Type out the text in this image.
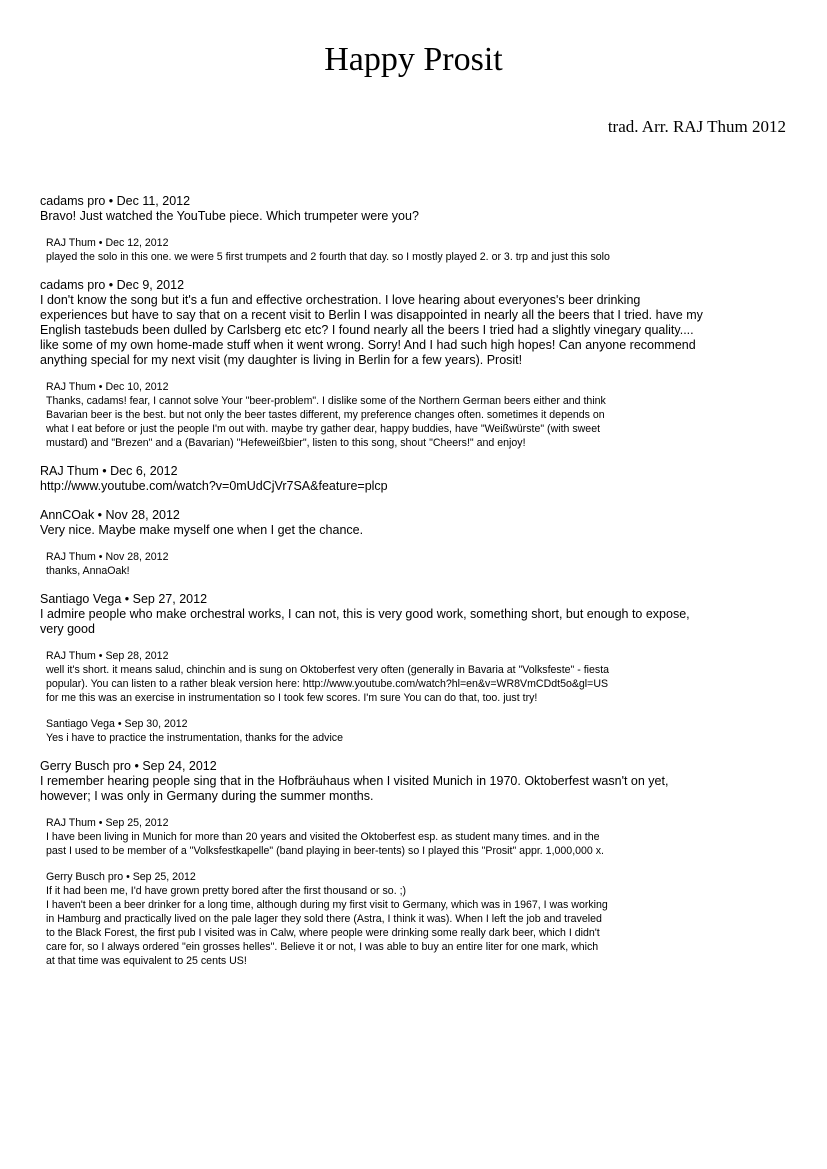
Happy Prosit
trad. Arr. RAJ Thum 2012
cadams pro • Dec 11, 2012
Bravo! Just watched the YouTube piece. Which trumpeter were you?
RAJ Thum • Dec 12, 2012
played the solo in this one. we were 5 first trumpets and 2 fourth that day. so I mostly played 2. or 3. trp and just this solo
cadams pro • Dec 9, 2012
I don't know the song but it's a fun and effective orchestration. I love hearing about everyones's beer drinking
experiences but have to say that on a recent visit to Berlin I was disappointed in nearly all the beers that I tried. have my
English tastebuds been dulled by Carlsberg etc etc? I found nearly all the beers I tried had a slightly vinegary quality....
like some of my own home-made stuff when it went wrong. Sorry! And I had such high hopes! Can anyone recommend
anything special for my next visit (my daughter is living in Berlin for a few years). Prosit!
RAJ Thum • Dec 10, 2012
Thanks, cadams! fear, I cannot solve Your "beer-problem". I dislike some of the Northern German beers either and think
Bavarian beer is the best. but not only the beer tastes different, my preference changes often. sometimes it depends on
what I eat before or just the people I'm out with. maybe try gather dear, happy buddies, have "Weißwürste" (with sweet
mustard) and "Brezen" and a (Bavarian) "Hefeweißbier", listen to this song, shout "Cheers!" and enjoy!
RAJ Thum • Dec 6, 2012
http://www.youtube.com/watch?v=0mUdCjVr7SA&feature=plcp
AnnCOak • Nov 28, 2012
Very nice. Maybe make myself one when I get the chance.
RAJ Thum • Nov 28, 2012
thanks, AnnaOak!
Santiago Vega • Sep 27, 2012
I admire people who make orchestral works, I can not, this is very good work, something short, but enough to expose,
very good
RAJ Thum • Sep 28, 2012
well it's short. it means salud, chinchin and is sung on Oktoberfest very often (generally in Bavaria at "Volksfeste" - fiesta
popular). You can listen to a rather bleak version here: http://www.youtube.com/watch?hl=en&v=WR8VmCDdt5o&gl=US
for me this was an exercise in instrumentation so I took few scores. I'm sure You can do that, too. just try!
Santiago Vega • Sep 30, 2012
Yes i have to practice the instrumentation, thanks for the advice
Gerry Busch pro • Sep 24, 2012
I remember hearing people sing that in the Hofbräuhaus when I visited Munich in 1970. Oktoberfest wasn't on yet,
however; I was only in Germany during the summer months.
RAJ Thum • Sep 25, 2012
I have been living in Munich for more than 20 years and visited the Oktoberfest esp. as student many times. and in the
past I used to be member of a "Volksfestkapelle" (band playing in beer-tents) so I played this "Prosit" appr. 1,000,000 x.
Gerry Busch pro • Sep 25, 2012
If it had been me, I'd have grown pretty bored after the first thousand or so. ;)
I haven't been a beer drinker for a long time, although during my first visit to Germany, which was in 1967, I was working
in Hamburg and practically lived on the pale lager they sold there (Astra, I think it was). When I left the job and traveled
to the Black Forest, the first pub I visited was in Calw, where people were drinking some really dark beer, which I didn't
care for, so I always ordered "ein grosses helles". Believe it or not, I was able to buy an entire liter for one mark, which
at that time was equivalent to 25 cents US!
